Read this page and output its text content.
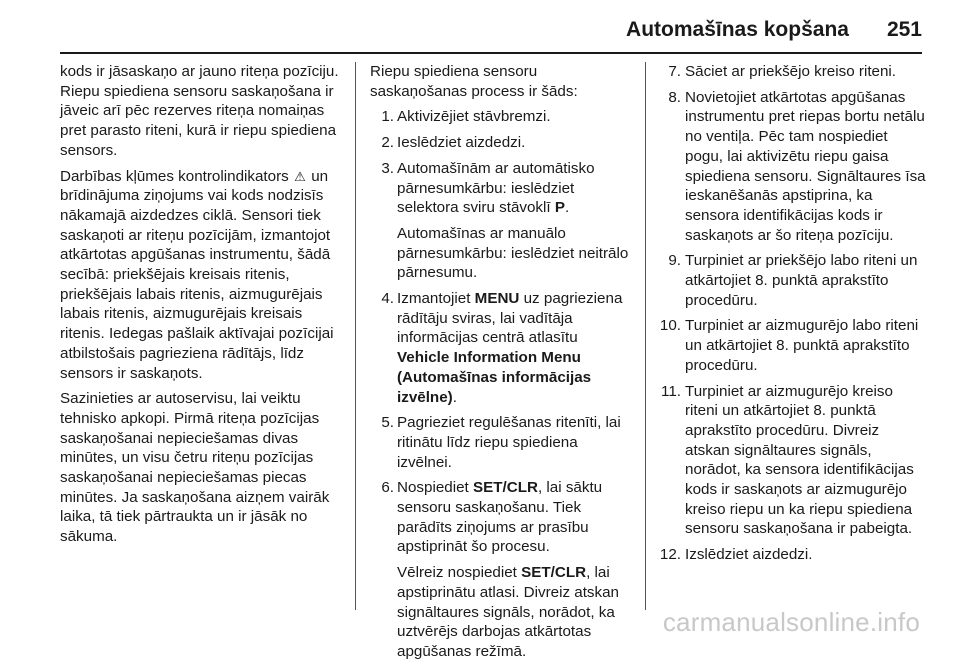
Automašīnas kopšana 251

kods ir jāsaskaņo ar jauno riteņa pozīciju. Riepu spiediena sensoru saskaņošana ir jāveic arī pēc rezerves riteņa nomaiņas pret parasto riteni, kurā ir riepu spiediena sensors.

Darbības kļūmes kontrolindikators ⚠ un brīdinājuma ziņojums vai kods nodzisīs nākamajā aizdedzes ciklā. Sensori tiek saskaņoti ar riteņu pozīcijām, izmantojot atkārtotas apgūšanas instrumentu, šādā secībā: priekšējais kreisais ritenis, priekšējais labais ritenis, aizmugurējais labais ritenis, aizmugurējais kreisais ritenis. Iedegas pašlaik aktīvajai pozīcijai atbilstošais pagrieziena rādītājs, līdz sensors ir saskaņots.

Sazinieties ar autoservisu, lai veiktu tehnisko apkopi. Pirmā riteņa pozīcijas saskaņošanai nepieciešamas divas minūtes, un visu četru riteņu pozīcijas saskaņošanai nepieciešamas piecas minūtes. Ja saskaņošana aizņem vairāk laika, tā tiek pārtraukta un ir jāsāk no sākuma.

Riepu spiediena sensoru saskaņošanas process ir šāds:

1. Aktivizējiet stāvbremzi.
2. Ieslēdziet aizdedzi.
3. Automašīnām ar automātisko pārnesumkārbu: ieslēdziet selektora sviru stāvoklī P.

Automašīnas ar manuālo pārnesumkārbu: ieslēdziet neitrālo pārnesumu.

4. Izmantojiet MENU uz pagrieziena rādītāju sviras, lai vadītāja informācijas centrā atlasītu Vehicle Information Menu (Automašīnas informācijas izvēlne).
5. Pagrieziet regulēšanas ritenīti, lai ritinātu līdz riepu spiediena izvēlnei.
6. Nospiediet SET/CLR, lai sāktu sensoru saskaņošanu. Tiek parādīts ziņojums ar prasību apstiprināt šo procesu.

Vēlreiz nospiediet SET/CLR, lai apstiprinātu atlasi. Divreiz atskan signāltaures signāls, norādot, ka uztvērējs darbojas atkārtotas apgūšanas režīmā.

7. Sāciet ar priekšējo kreiso riteni.
8. Novietojiet atkārtotas apgūšanas instrumentu pret riepas bortu netālu no ventiļa. Pēc tam nospiediet pogu, lai aktivizētu riepu gaisa spiediena sensoru. Signāltaures īsa ieskanēšanās apstiprina, ka sensora identifikācijas kods ir saskaņots ar šo riteņa pozīciju.
9. Turpiniet ar priekšējo labo riteni un atkārtojiet 8. punktā aprakstīto procedūru.
10. Turpiniet ar aizmugurējo labo riteni un atkārtojiet 8. punktā aprakstīto procedūru.
11. Turpiniet ar aizmugurējo kreiso riteni un atkārtojiet 8. punktā aprakstīto procedūru. Divreiz atskan signāltaures signāls, norādot, ka sensora identifikācijas kods ir saskaņots ar aizmugurējo kreiso riepu un ka riepu spiediena sensoru saskaņošana ir pabeigta.
12. Izslēdziet aizdedzi.
carmanualsonline.info
